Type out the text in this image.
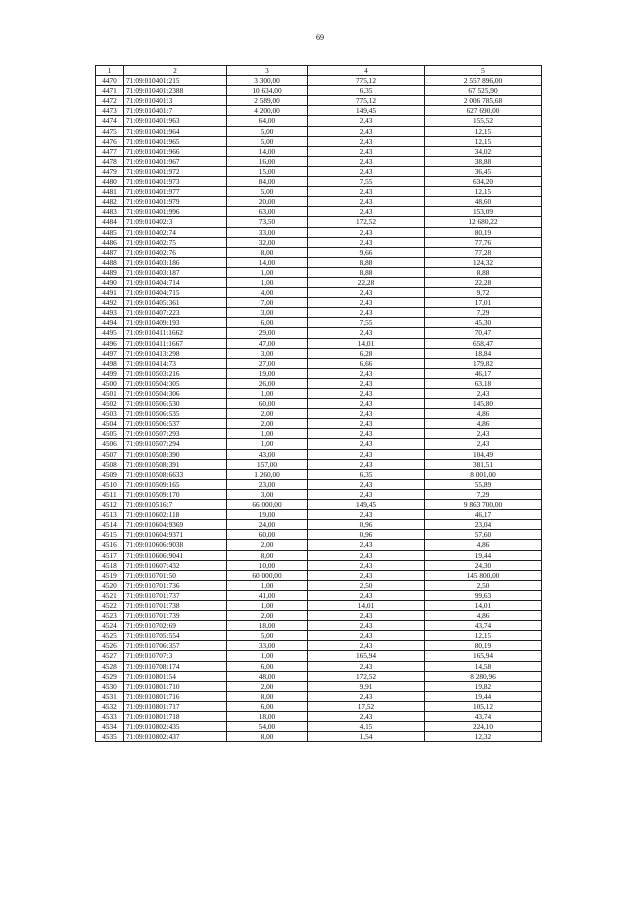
69
1	2	3	4	5
4470	71:09:010401:215	3 300,00	775,12	2 557 896,00
4471	71:09:010401:2388	10 634,00	6,35	67 525,90
4472	71:09:010401:3	2 589,00	775,12	2 006 785,68
4473	71:09:010401:7	4 200,00	149,45	627 690,00
4474	71:09:010401:963	64,00	2,43	155,52
4475	71:09:010401:964	5,00	2,43	12,15
4476	71:09:010401:965	5,00	2,43	12,15
4477	71:09:010401:966	14,00	2,43	34,02
4478	71:09:010401:967	16,00	2,43	38,88
4479	71:09:010401:972	15,00	2,43	36,45
4480	71:09:010401:973	84,00	7,55	634,20
4481	71:09:010401:977	5,00	2,43	12,15
4482	71:09:010401:979	20,00	2,43	48,60
4483	71:09:010401:996	63,00	2,43	153,09
4484	71:09:010402:3	73,50	172,52	12 680,22
4485	71:09:010402:74	33,00	2,43	80,19
4486	71:09:010402:75	32,00	2,43	77,76
4487	71:09:010402:76	8,00	9,66	77,28
4488	71:09:010403:186	14,00	8,88	124,32
4489	71:09:010403:187	1,00	8,88	8,88
4490	71:09:010404:714	1,00	22,28	22,28
4491	71:09:010404:715	4,00	2,43	9,72
4492	71:09:010405:361	7,00	2,43	17,01
4493	71:09:010407:223	3,00	2,43	7,29
4494	71:09:010409:193	6,00	7,55	45,30
4495	71:09:010411:1662	29,00	2,43	70,47
4496	71:09:010411:1667	47,00	14,01	658,47
4497	71:09:010413:298	3,00	6,28	18,84
4498	71:09:010414:73	27,00	6,66	179,82
4499	71:09:010503:216	19,00	2,43	46,17
4500	71:09:010504:305	26,00	2,43	63,18
4501	71:09:010504:306	1,00	2,43	2,43
4502	71:09:010506:530	60,00	2,43	145,80
4503	71:09:010506:535	2,00	2,43	4,86
4504	71:09:010506:537	2,00	2,43	4,86
4505	71:09:010507:293	1,00	2,43	2,43
4506	71:09:010507:294	1,00	2,43	2,43
4507	71:09:010508:390	43,00	2,43	104,49
4508	71:09:010508:391	157,00	2,43	381,51
4509	71:09:010508:6633	1 260,00	6,35	8 001,00
4510	71:09:010509:165	23,00	2,43	55,89
4511	71:09:010509:170	3,00	2,43	7,29
4512	71:09:010516:7	66 000,00	149,45	9 863 700,00
4513	71:09:010602:118	19,00	2,43	46,17
4514	71:09:010604:9369	24,00	0,96	23,04
4515	71:09:010604:9371	60,00	0,96	57,60
4516	71:09:010606:9038	2,00	2,43	4,86
4517	71:09:010606:9041	8,00	2,43	19,44
4518	71:09:010607:432	10,00	2,43	24,30
4519	71:09:010701:50	60 000,00	2,43	145 800,00
4520	71:09:010701:736	1,00	2,50	2,50
4521	71:09:010701:737	41,00	2,43	99,63
4522	71:09:010701:738	1,00	14,01	14,01
4523	71:09:010701:739	2,00	2,43	4,86
4524	71:09:010702:69	18,00	2,43	43,74
4525	71:09:010705:554	5,00	2,43	12,15
4526	71:09:010706:357	33,00	2,43	80,19
4527	71:09:010707:3	1,00	165,94	165,94
4528	71:09:010708:174	6,00	2,43	14,58
4529	71:09:010801:54	48,00	172,52	8 280,96
4530	71:09:010801:710	2,00	9,91	19,82
4531	71:09:010801:716	8,00	2,43	19,44
4532	71:09:010801:717	6,00	17,52	105,12
4533	71:09:010801:718	18,00	2,43	43,74
4534	71:09:010802:435	54,00	4,15	224,10
4535	71:09:010802:437	8,00	1,54	12,32
